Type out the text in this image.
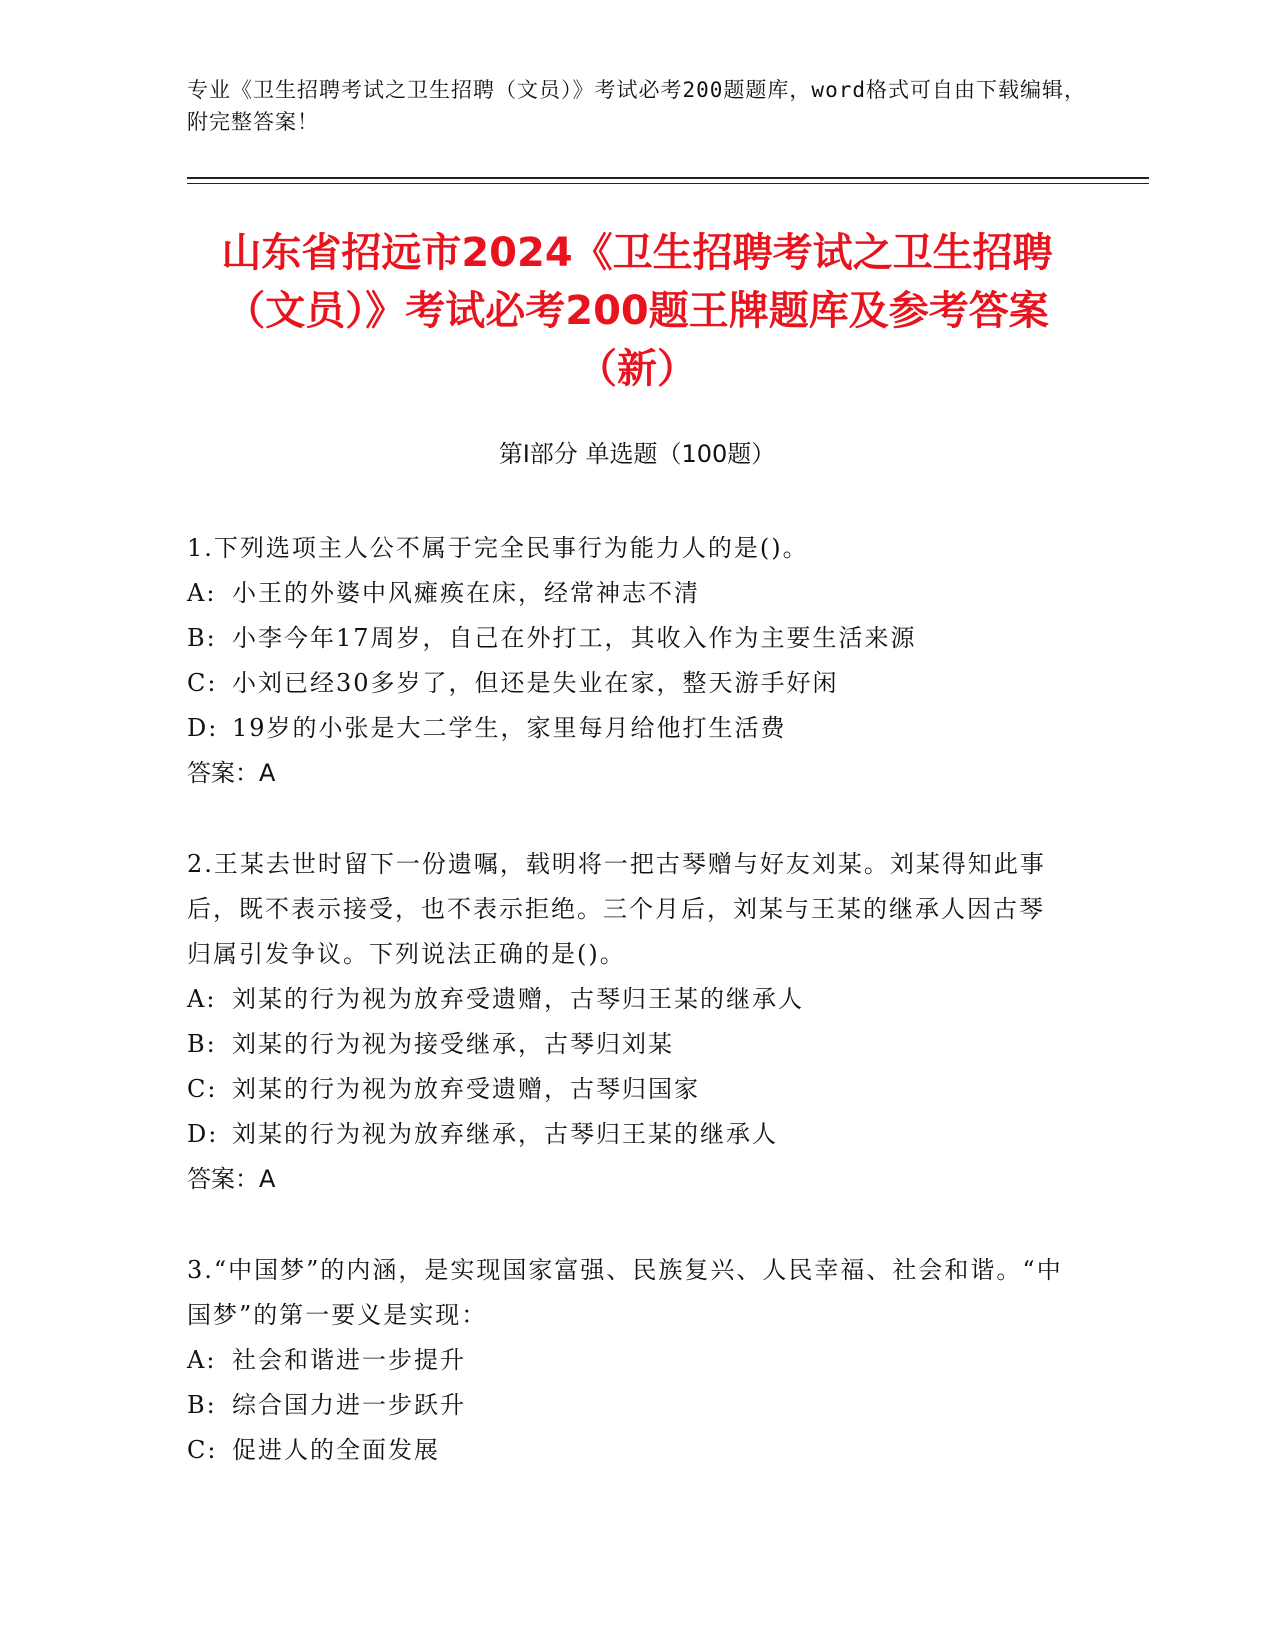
专业《卫生招聘考试之卫生招聘（文员）》考试必考200题题库，word格式可自由下载编辑，附完整答案！
山东省招远市2024《卫生招聘考试之卫生招聘（文员）》考试必考200题王牌题库及参考答案（新）
第Ⅰ部分 单选题（100题）
1.下列选项主人公不属于完全民事行为能力人的是()。
A: 小王的外婆中风瘫痪在床，经常神志不清
B: 小李今年17周岁，自己在外打工，其收入作为主要生活来源
C: 小刘已经30多岁了，但还是失业在家，整天游手好闲
D: 19岁的小张是大二学生，家里每月给他打生活费
答案：A
2.王某去世时留下一份遗嘱，载明将一把古琴赠与好友刘某。刘某得知此事后，既不表示接受，也不表示拒绝。三个月后，刘某与王某的继承人因古琴归属引发争议。下列说法正确的是()。
A: 刘某的行为视为放弃受遗赠，古琴归王某的继承人
B: 刘某的行为视为接受继承，古琴归刘某
C: 刘某的行为视为放弃受遗赠，古琴归国家
D: 刘某的行为视为放弃继承，古琴归王某的继承人
答案：A
3.“中国梦”的内涵，是实现国家富强、民族复兴、人民幸福、社会和谐。“中国梦”的第一要义是实现：
A: 社会和谐进一步提升
B: 综合国力进一步跃升
C: 促进人的全面发展
